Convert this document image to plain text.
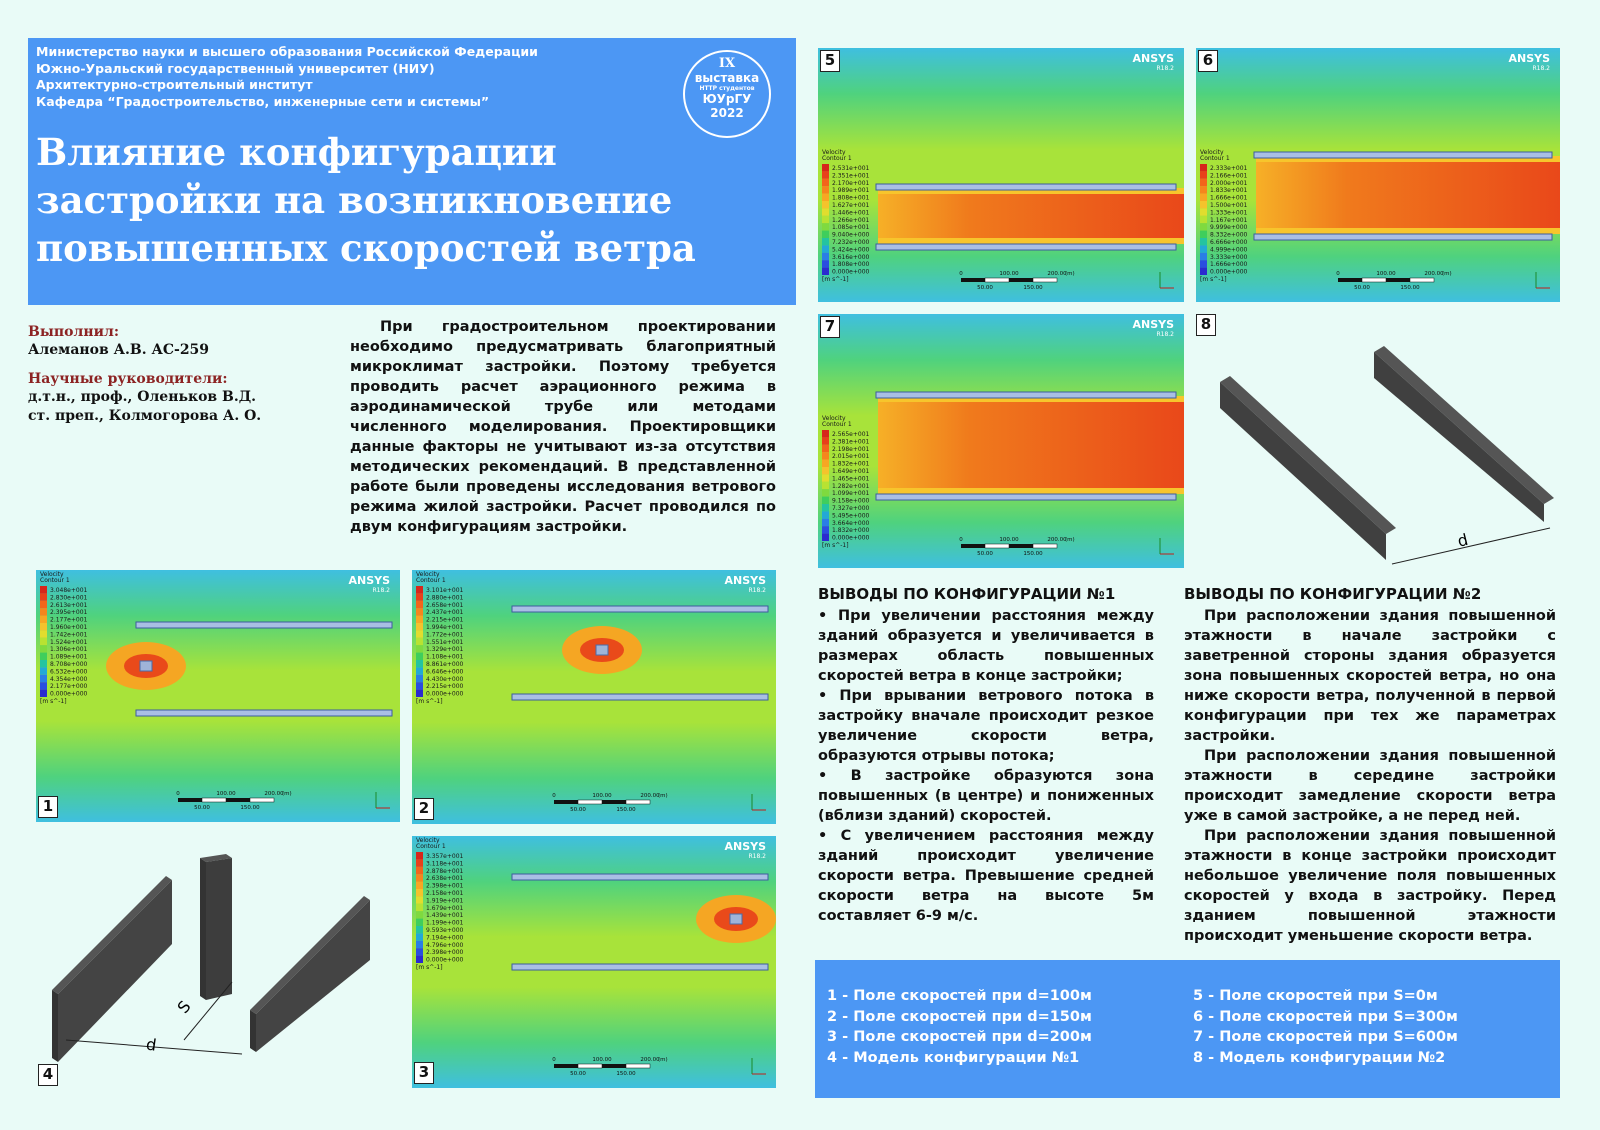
Министерство науки и высшего образования Российской Федерации
Южно-Уральский государственный университет (НИУ)
Архитектурно-строительный институт
Кафедра “Градостроительство, инженерные сети и системы”
Влияние конфигурации
застройки на возникновение
повышенных скоростей ветра
IX
выставка
НТТР студентов
ЮУрГУ
2022
Выполнил:
Алеманов А.В. АС-259
Научные руководители:
д.т.н., проф., Оленьков В.Д.
ст. преп., Колмогорова А. О.
При градостроительном проектировании необходимо предусматривать благоприятный микроклимат застройки. Поэтому требуется проводить расчет аэрационного режима в аэродинамической трубе или методами численного моделирования. Проектировщики данные факторы не учитывают из-за отсутствия методических рекомендаций. В представленной работе были проведены исследования ветрового режима жилой застройки. Расчет проводился по двум конфигурациям застройки.
ANSYS
R18.2
Velocity
Contour 1
3.048e+001
2.830e+001
2.613e+001
2.395e+001
2.177e+001
1.960e+001
1.742e+001
1.524e+001
1.306e+001
1.089e+001
8.708e+000
6.532e+000
4.354e+000
2.177e+000
0.000e+000
[m s^-1]
0	100.00	200.00
50.00	150.00
(m)
1
ANSYS
R18.2
Velocity
Contour 1
3.101e+001
2.880e+001
2.658e+001
2.437e+001
2.215e+001
1.994e+001
1.772e+001
1.551e+001
1.329e+001
1.108e+001
8.861e+000
6.646e+000
4.430e+000
2.215e+000
0.000e+000
[m s^-1]
0	100.00	200.00
50.00	150.00
(m)
2
ANSYS
R18.2
Velocity
Contour 1
3.357e+001
3.118e+001
2.878e+001
2.638e+001
2.398e+001
2.158e+001
1.919e+001
1.679e+001
1.439e+001
1.199e+001
9.593e+000
7.194e+000
4.796e+000
2.398e+000
0.000e+000
[m s^-1]
0	100.00	200.00
50.00	150.00
(m)
3
ANSYS
R18.2
Velocity
Contour 1
2.531e+001
2.351e+001
2.170e+001
1.989e+001
1.808e+001
1.627e+001
1.446e+001
1.266e+001
1.085e+001
9.040e+000
7.232e+000
5.424e+000
3.616e+000
1.808e+000
0.000e+000
[m s^-1]
0	100.00	200.00
50.00	150.00
(m)
5	ANSYS
R18.2
Velocity
Contour 1
2.333e+001
2.166e+001
2.000e+001
1.833e+001
1.666e+001
1.500e+001
1.333e+001
1.167e+001
9.999e+000
8.332e+000
6.666e+000
4.999e+000
3.333e+000
1.666e+000
0.000e+000
[m s^-1]
0	100.00	200.00
50.00	150.00
(m)
6
ANSYS
R18.2
Velocity
Contour 1
2.565e+001
2.381e+001
2.198e+001
2.015e+001
1.832e+001
1.649e+001
1.465e+001
1.282e+001
1.099e+001
9.158e+000
7.327e+000
5.495e+000
3.664e+000
1.832e+000
0.000e+000
[m s^-1]
0	100.00	200.00
50.00	150.00
(m)
7
S
d
4
d
8
ВЫВОДЫ ПО КОНФИГУРАЦИИ №1

• При увеличении расстояния между зданий образуется и увеличивается в размерах область повышенных скоростей ветра в конце застройки;

• При врывании ветрового потока в застройку вначале происходит резкое увеличение скорости ветра, образуются отрывы потока;

• В застройке образуются зона повышенных (в центре) и пониженных (вблизи зданий) скоростей.

• С увеличением расстояния между зданий происходит увеличение скорости ветра. Превышение средней скорости ветра на высоте 5м составляет 6-9 м/с.

ВЫВОДЫ ПО КОНФИГУРАЦИИ №2

При расположении здания повышенной этажности в начале застройки с заветренной стороны здания образуется зона повышенных скоростей ветра, но она ниже скорости ветра, полученной в первой конфигурации при тех же параметрах застройки.

При расположении здания повышенной этажности в середине застройки происходит замедление скорости ветра уже в самой застройке, а не перед ней.

При расположении здания повышенной этажности в конце застройки происходит небольшое увеличение поля повышенных скоростей у входа в застройку. Перед зданием повышенной этажности происходит уменьшение скорости ветра.

1 - Поле скоростей при d=100м
2 - Поле скоростей при d=150м
3 - Поле скоростей при d=200м
4 - Модель конфигурации №1
5 - Поле скоростей при S=0м
6 - Поле скоростей при S=300м
7 - Поле скоростей при S=600м
8 - Модель конфигурации №2
